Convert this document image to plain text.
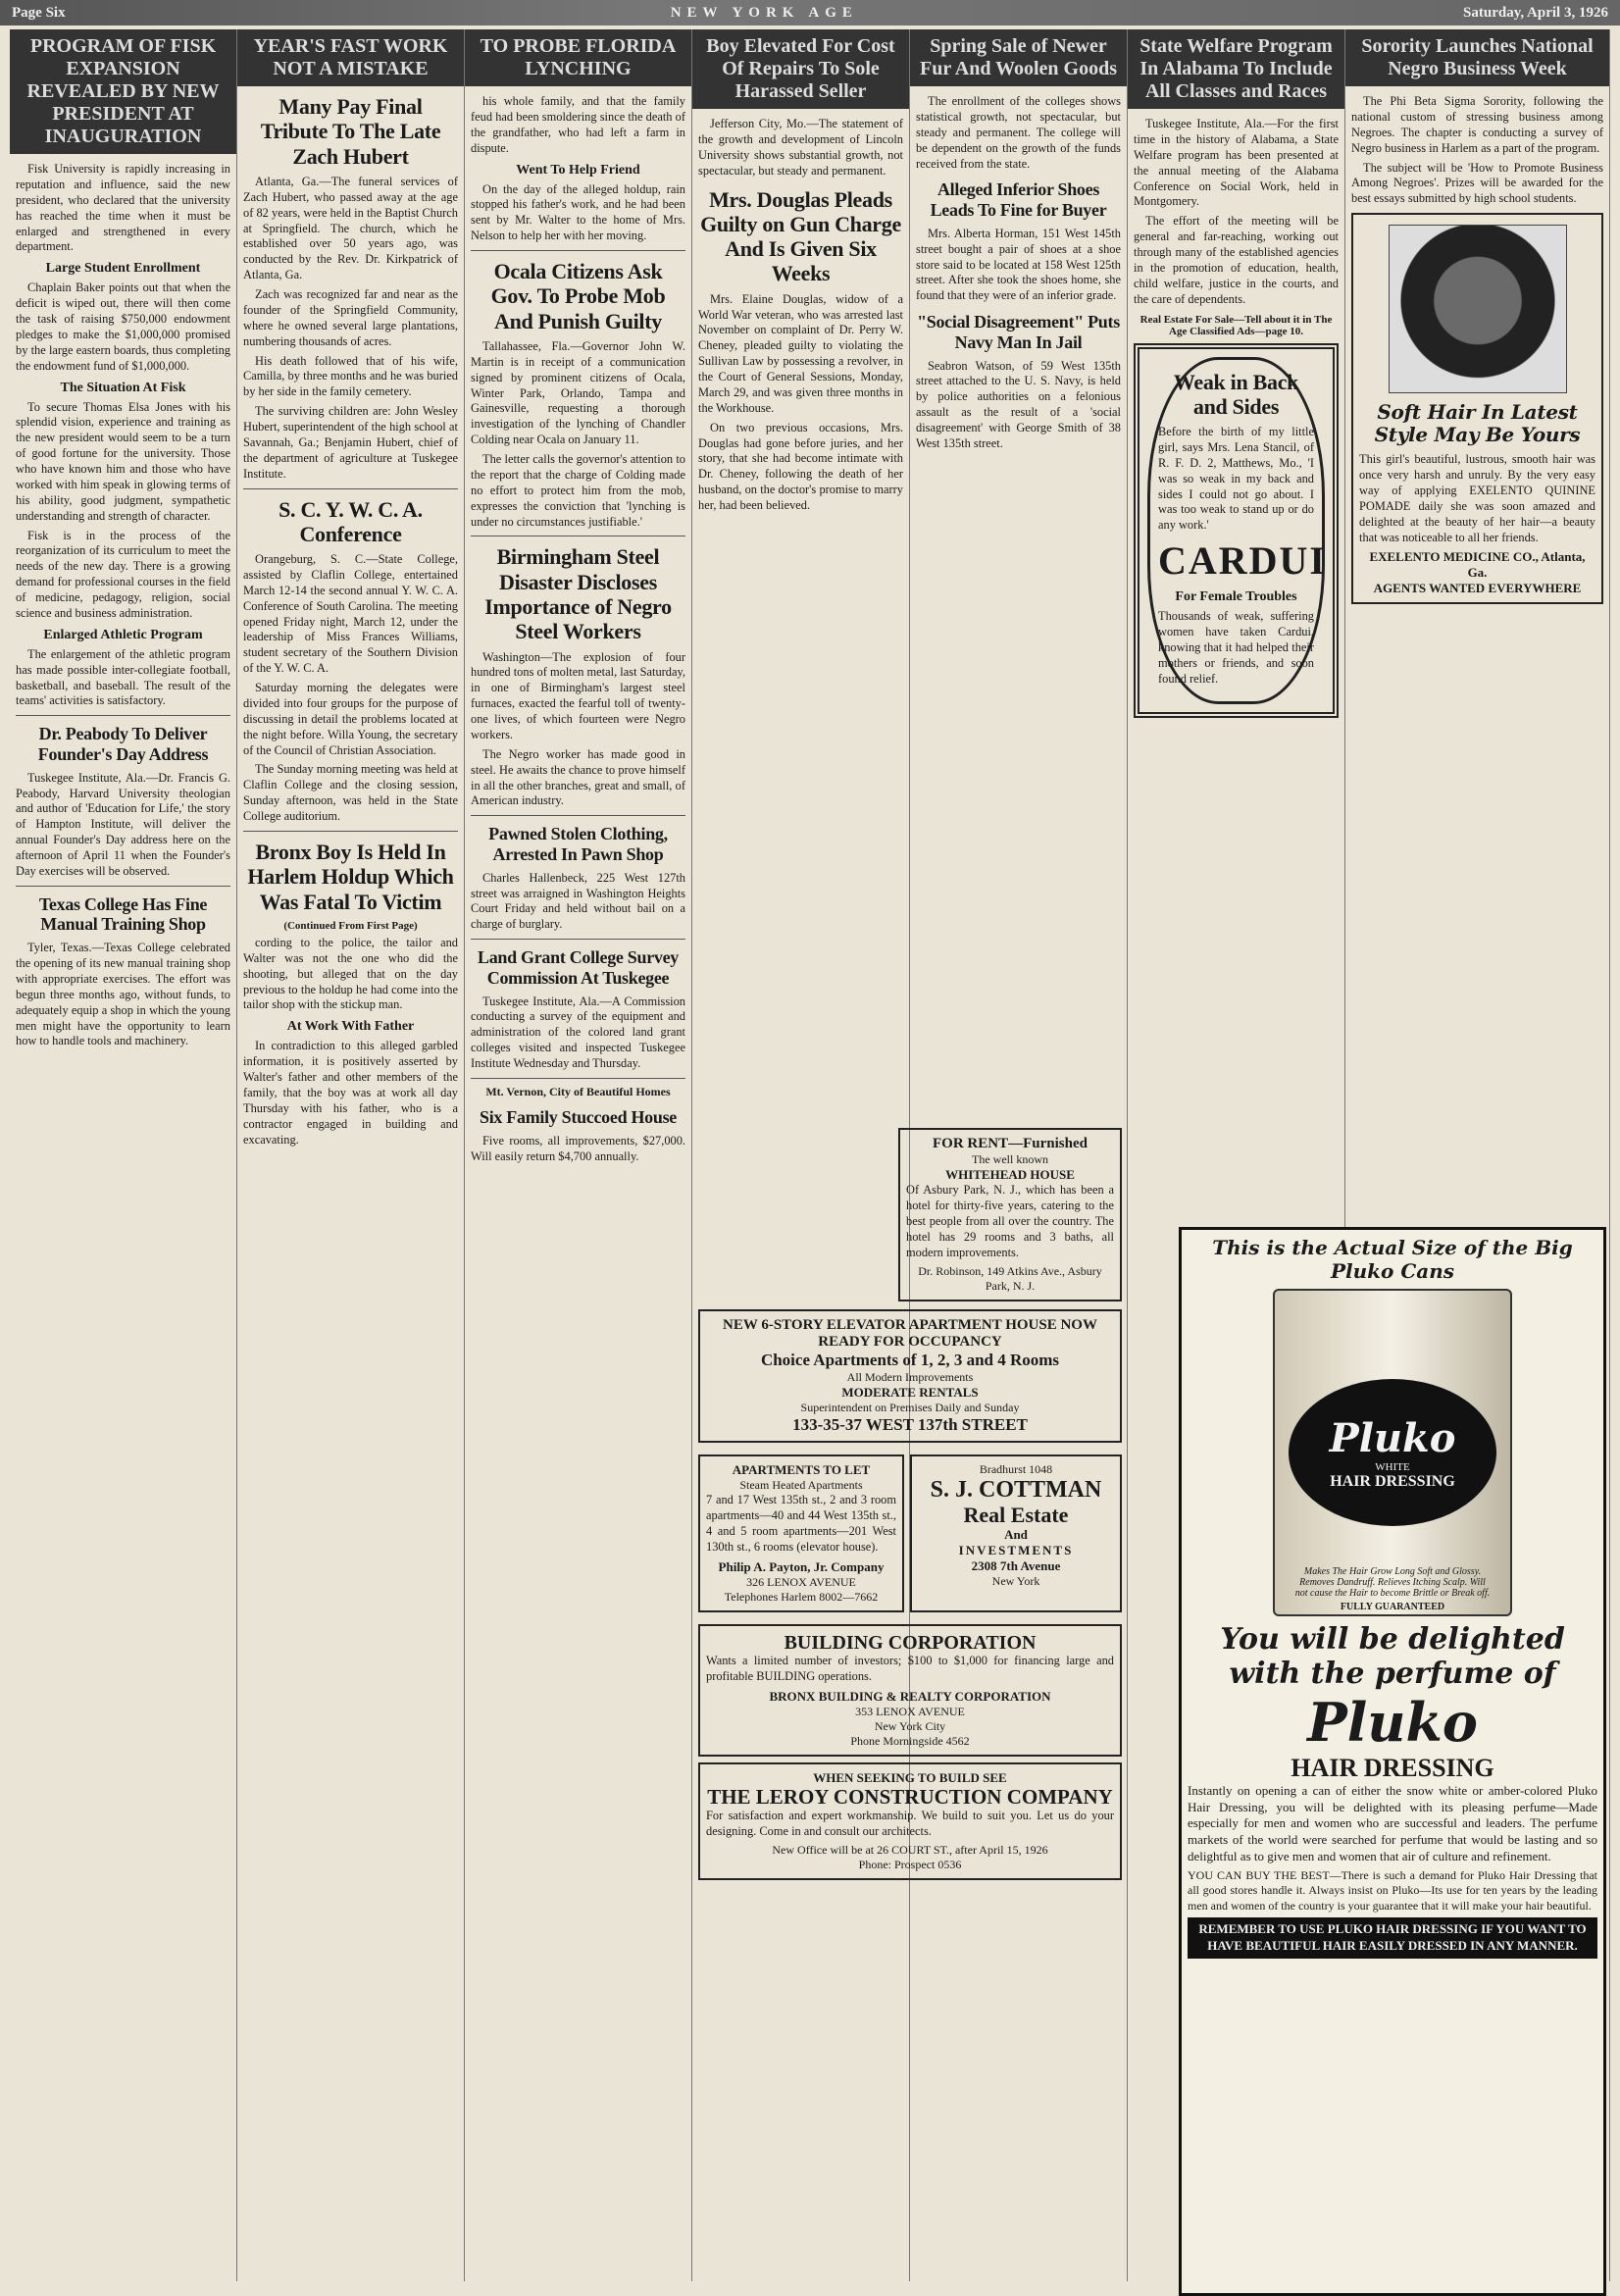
Page Six	NEW YORK AGE	Saturday, April 3, 1926
PROGRAM OF FISK EXPANSION REVEALED BY NEW PRESIDENT AT INAUGURATION

Fisk University is rapidly increasing in reputation and influence, said the new president, who declared that the university has reached the time when it must be enlarged and strengthened in every department.

Large Student Enrollment

Chaplain Baker points out that when the deficit is wiped out, there will then come the task of raising $750,000 endowment pledges to make the $1,000,000 promised by the large eastern boards, thus completing the endowment fund of $1,000,000.

The Situation At Fisk

To secure Thomas Elsa Jones with his splendid vision, experience and training as the new president would seem to be a turn of good fortune for the university. Those who have known him and those who have worked with him speak in glowing terms of his ability, good judgment, sympathetic understanding and strength of character.

Fisk is in the process of the reorganization of its curriculum to meet the needs of the new day. There is a growing demand for professional courses in the field of medicine, pedagogy, religion, social science and business administration.

Enlarged Athletic Program

The enlargement of the athletic program has made possible inter-collegiate football, basketball, and baseball. The result of the teams' activities is satisfactory.

Dr. Peabody To Deliver Founder's Day Address

Tuskegee Institute, Ala.—Dr. Francis G. Peabody, Harvard University theologian and author of 'Education for Life,' the story of Hampton Institute, will deliver the annual Founder's Day address here on the afternoon of April 11 when the Founder's Day exercises will be observed.

Texas College Has Fine Manual Training Shop

Tyler, Texas.—Texas College celebrated the opening of its new manual training shop with appropriate exercises. The effort was begun three months ago, without funds, to adequately equip a shop in which the young men might have the opportunity to learn how to handle tools and machinery.

YEAR'S FAST WORK NOT A MISTAKE
Many Pay Final Tribute To The Late Zach Hubert

Atlanta, Ga.—The funeral services of Zach Hubert, who passed away at the age of 82 years, were held in the Baptist Church at Springfield. The church, which he established over 50 years ago, was conducted by the Rev. Dr. Kirkpatrick of Atlanta, Ga.

Zach was recognized far and near as the founder of the Springfield Community, where he owned several large plantations, numbering thousands of acres.

His death followed that of his wife, Camilla, by three months and he was buried by her side in the family cemetery.

The surviving children are: John Wesley Hubert, superintendent of the high school at Savannah, Ga.; Benjamin Hubert, chief of the department of agriculture at Tuskegee Institute.

S. C. Y. W. C. A. Conference

Orangeburg, S. C.—State College, assisted by Claflin College, entertained March 12-14 the second annual Y. W. C. A. Conference of South Carolina. The meeting opened Friday night, March 12, under the leadership of Miss Frances Williams, student secretary of the Southern Division of the Y. W. C. A.

Saturday morning the delegates were divided into four groups for the purpose of discussing in detail the problems located at the night before. Willa Young, the secretary of the Council of Christian Association.

The Sunday morning meeting was held at Claflin College and the closing session, Sunday afternoon, was held in the State College auditorium.

Bronx Boy Is Held In Harlem Holdup Which Was Fatal To Victim
(Continued From First Page)

cording to the police, the tailor and Walter was not the one who did the shooting, but alleged that on the day previous to the holdup he had come into the tailor shop with the stickup man.

At Work With Father

In contradiction to this alleged garbled information, it is positively asserted by Walter's father and other members of the family, that the boy was at work all day Thursday with his father, who is a contractor engaged in building and excavating.

TO PROBE FLORIDA LYNCHING

his whole family, and that the family feud had been smoldering since the death of the grandfather, who had left a farm in dispute.

Went To Help Friend

On the day of the alleged holdup, rain stopped his father's work, and he had been sent by Mr. Walter to the home of Mrs. Nelson to help her with her moving.

Ocala Citizens Ask Gov. To Probe Mob And Punish Guilty

Tallahassee, Fla.—Governor John W. Martin is in receipt of a communication signed by prominent citizens of Ocala, Winter Park, Orlando, Tampa and Gainesville, requesting a thorough investigation of the lynching of Chandler Colding near Ocala on January 11.

The letter calls the governor's attention to the report that the charge of Colding made no effort to protect him from the mob, expresses the conviction that 'lynching is under no circumstances justifiable.'

Birmingham Steel Disaster Discloses Importance of Negro Steel Workers

Washington—The explosion of four hundred tons of molten metal, last Saturday, in one of Birmingham's largest steel furnaces, exacted the fearful toll of twenty-one lives, of which fourteen were Negro workers.

The Negro worker has made good in steel. He awaits the chance to prove himself in all the other branches, great and small, of American industry.

Pawned Stolen Clothing, Arrested In Pawn Shop

Charles Hallenbeck, 225 West 127th street was arraigned in Washington Heights Court Friday and held without bail on a charge of burglary.

Land Grant College Survey Commission At Tuskegee

Tuskegee Institute, Ala.—A Commission conducting a survey of the equipment and administration of the colored land grant colleges visited and inspected Tuskegee Institute Wednesday and Thursday.

Mt. Vernon, City of Beautiful Homes
Six Family Stuccoed House

Five rooms, all improvements, $27,000. Will easily return $4,700 annually.

Boy Elevated For Cost Of Repairs To Sole Harassed Seller

Jefferson City, Mo.—The statement of the growth and development of Lincoln University shows substantial growth, not spectacular, but steady and permanent.

Mrs. Douglas Pleads Guilty on Gun Charge And Is Given Six Weeks

Mrs. Elaine Douglas, widow of a World War veteran, who was arrested last November on complaint of Dr. Perry W. Cheney, pleaded guilty to violating the Sullivan Law by possessing a revolver, in the Court of General Sessions, Monday, March 29, and was given three months in the Workhouse.

On two previous occasions, Mrs. Douglas had gone before juries, and her story, that she had become intimate with Dr. Cheney, following the death of her husband, on the doctor's promise to marry her, had been believed.

Spring Sale of Newer Fur And Woolen Goods

The enrollment of the colleges shows statistical growth, not spectacular, but steady and permanent. The college will be dependent on the growth of the funds received from the state.

Alleged Inferior Shoes Leads To Fine for Buyer

Mrs. Alberta Horman, 151 West 145th street bought a pair of shoes at a shoe store said to be located at 158 West 125th street. After she took the shoes home, she found that they were of an inferior grade.

"Social Disagreement" Puts Navy Man In Jail

Seabron Watson, of 59 West 135th street attached to the U. S. Navy, is held by police authorities on a felonious assault as the result of a 'social disagreement' with George Smith of 38 West 135th street.

FOR RENT—Furnished
The well known
WHITEHEAD HOUSE

Of Asbury Park, N. J., which has been a hotel for thirty-five years, catering to the best people from all over the country. The hotel has 29 rooms and 3 baths, all modern improvements.

Dr. Robinson, 149 Atkins Ave., Asbury Park, N. J.
NEW 6-STORY ELEVATOR APARTMENT HOUSE NOW READY FOR OCCUPANCY
Choice Apartments of 1, 2, 3 and 4 Rooms
All Modern Improvements
MODERATE RENTALS
Superintendent on Premises Daily and Sunday
133-35-37 WEST 137th STREET
APARTMENTS TO LET
Steam Heated Apartments

7 and 17 West 135th st., 2 and 3 room apartments—40 and 44 West 135th st., 4 and 5 room apartments—201 West 130th st., 6 rooms (elevator house).

Philip A. Payton, Jr. Company
326 LENOX AVENUE
Telephones Harlem 8002—7662
Bradhurst 1048
S. J. COTTMAN
Real Estate
And
INVESTMENTS
2308 7th Avenue
New York
BUILDING CORPORATION

Wants a limited number of investors; $100 to $1,000 for financing large and profitable BUILDING operations.

BRONX BUILDING & REALTY CORPORATION
353 LENOX AVENUE
New York City
Phone Morningside 4562
WHEN SEEKING TO BUILD SEE
THE LEROY CONSTRUCTION COMPANY

For satisfaction and expert workmanship. We build to suit you. Let us do your designing. Come in and consult our architects.

New Office will be at 26 COURT ST., after April 15, 1926
Phone: Prospect 0536
State Welfare Program In Alabama To Include All Classes and Races

Tuskegee Institute, Ala.—For the first time in the history of Alabama, a State Welfare program has been presented at the annual meeting of the Alabama Conference on Social Work, held in Montgomery.

The effort of the meeting will be general and far-reaching, working out through many of the established agencies in the promotion of education, health, child welfare, justice in the courts, and the care of dependents.

Real Estate For Sale—Tell about it in The Age Classified Ads—page 10.
Weak in Back and Sides

Before the birth of my little girl, says Mrs. Lena Stancil, of R. F. D. 2, Matthews, Mo., 'I was so weak in my back and sides I could not go about. I was too weak to stand up or do any work.'

CARDUI
For Female Troubles

Thousands of weak, suffering women have taken Cardui, knowing that it had helped their mothers or friends, and soon found relief.

Sorority Launches National Negro Business Week

The Phi Beta Sigma Sorority, following the national custom of stressing business among Negroes. The chapter is conducting a survey of Negro business in Harlem as a part of the program.

The subject will be 'How to Promote Business Among Negroes'. Prizes will be awarded for the best essays submitted by high school students.

Soft Hair In Latest Style May Be Yours

This girl's beautiful, lustrous, smooth hair was once very harsh and unruly. By the very easy way of applying EXELENTO QUININE POMADE daily she was soon amazed and delighted at the beauty of her hair—a beauty that was noticeable to all her friends.

EXELENTO MEDICINE CO., Atlanta, Ga.
AGENTS WANTED EVERYWHERE
This is the Actual Size of the Big Pluko Cans
Pluko
WHITE
HAIR DRESSING
Makes The Hair Grow Long Soft and Glossy. Removes Dandruff. Relieves Itching Scalp. Will not cause the Hair to become Brittle or Break off.
FULLY GUARANTEED
You will be delighted
with the perfume of
Pluko
HAIR DRESSING

Instantly on opening a can of either the snow white or amber-colored Pluko Hair Dressing, you will be delighted with its pleasing perfume—Made especially for men and women who are successful and leaders. The perfume markets of the world were searched for perfume that would be lasting and so delightful as to give men and women that air of culture and refinement.

YOU CAN BUY THE BEST—There is such a demand for Pluko Hair Dressing that all good stores handle it. Always insist on Pluko—Its use for ten years by the leading men and women of the country is your guarantee that it will make your hair beautiful.

REMEMBER TO USE PLUKO HAIR DRESSING IF YOU WANT TO HAVE BEAUTIFUL HAIR EASILY DRESSED IN ANY MANNER.
